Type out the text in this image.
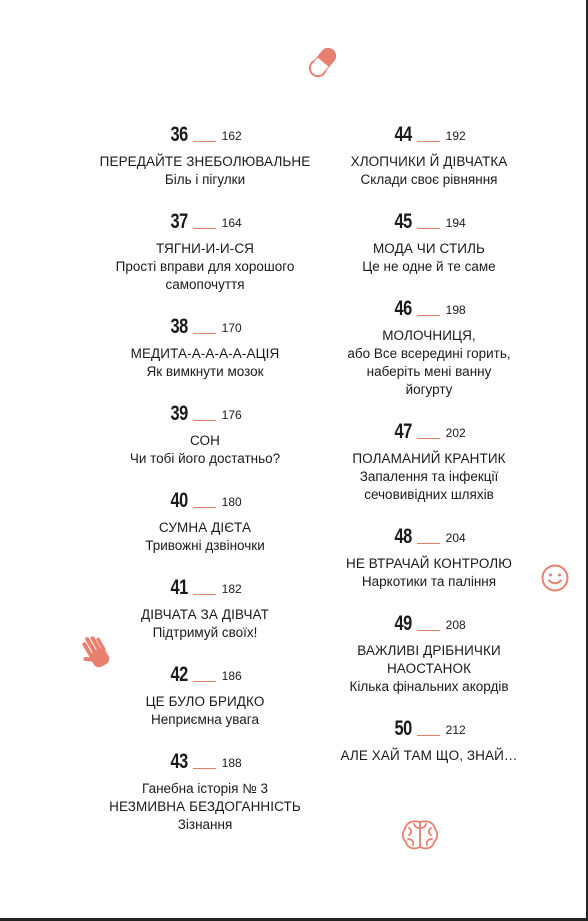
36	162
ПЕРЕДАЙТЕ ЗНЕБОЛЮВАЛЬНЕ
Біль і пігулки
37	164
ТЯГНИ-И-И-СЯ
Прості вправи для хорошого самопочуття
38	170
МЕДИТА-А-А-А-А-АЦІЯ
Як вимкнути мозок
39	176
СОН
Чи тобі його достатньо?
40	180
СУМНА ДІЄТА
Тривожні дзвіночки
41	182
ДІВЧАТА ЗА ДІВЧАТ
Підтримуй своїх!
42	186
ЦЕ БУЛО БРИДКО
Неприємна увага
43	188
Ганебна історія № 3
НЕЗМИВНА БЕЗДОГАННІСТЬ
Зізнання
44	192
ХЛОПЧИКИ Й ДІВЧАТКА
Склади своє рівняння
45	194
МОДА ЧИ СТИЛЬ
Це не одне й те саме
46	198
МОЛОЧНИЦЯ,
або Все всередині горить, наберіть мені ванну йогурту
47	202
ПОЛАМАНИЙ КРАНТИК
Запалення та інфекції сечовивідних шляхів
48	204
НЕ ВТРАЧАЙ КОНТРОЛЮ
Наркотики та паління
49	208
ВАЖЛИВІ ДРІБНИЧКИ НАОСТАНОК
Кілька фінальних акордів
50	212
АЛЕ ХАЙ ТАМ ЩО, ЗНАЙ…
